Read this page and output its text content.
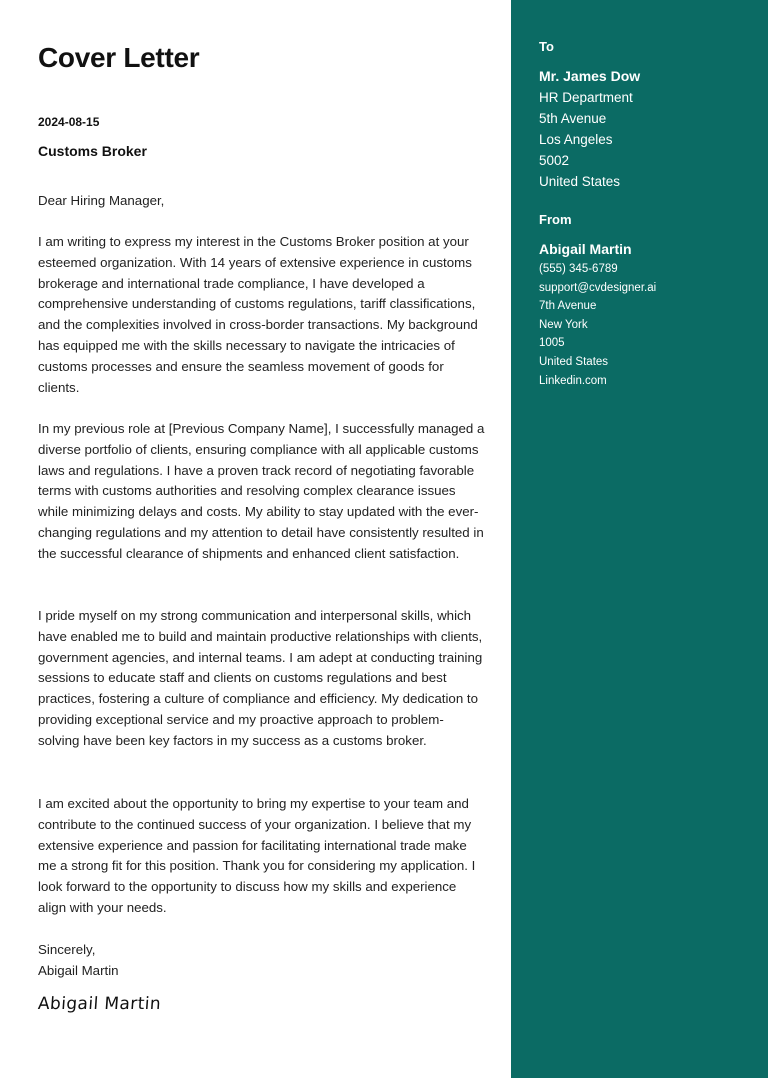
Cover Letter
2024-08-15
Customs Broker
Dear Hiring Manager,
I am writing to express my interest in the Customs Broker position at your esteemed organization. With 14 years of extensive experience in customs brokerage and international trade compliance, I have developed a comprehensive understanding of customs regulations, tariff classifications, and the complexities involved in cross-border transactions. My background has equipped me with the skills necessary to navigate the intricacies of customs processes and ensure the seamless movement of goods for clients.
In my previous role at [Previous Company Name], I successfully managed a diverse portfolio of clients, ensuring compliance with all applicable customs laws and regulations. I have a proven track record of negotiating favorable terms with customs authorities and resolving complex clearance issues while minimizing delays and costs. My ability to stay updated with the ever-changing regulations and my attention to detail have consistently resulted in the successful clearance of shipments and enhanced client satisfaction.
I pride myself on my strong communication and interpersonal skills, which have enabled me to build and maintain productive relationships with clients, government agencies, and internal teams. I am adept at conducting training sessions to educate staff and clients on customs regulations and best practices, fostering a culture of compliance and efficiency. My dedication to providing exceptional service and my proactive approach to problem-solving have been key factors in my success as a customs broker.
I am excited about the opportunity to bring my expertise to your team and contribute to the continued success of your organization. I believe that my extensive experience and passion for facilitating international trade make me a strong fit for this position. Thank you for considering my application. I look forward to the opportunity to discuss how my skills and experience align with your needs.
Sincerely,
Abigail Martin
Abigail Martin
To
Mr. James Dow
HR Department
5th Avenue
Los Angeles
5002
United States
From
Abigail Martin
(555) 345-6789
support@cvdesigner.ai
7th Avenue
New York
1005
United States
Linkedin.com
